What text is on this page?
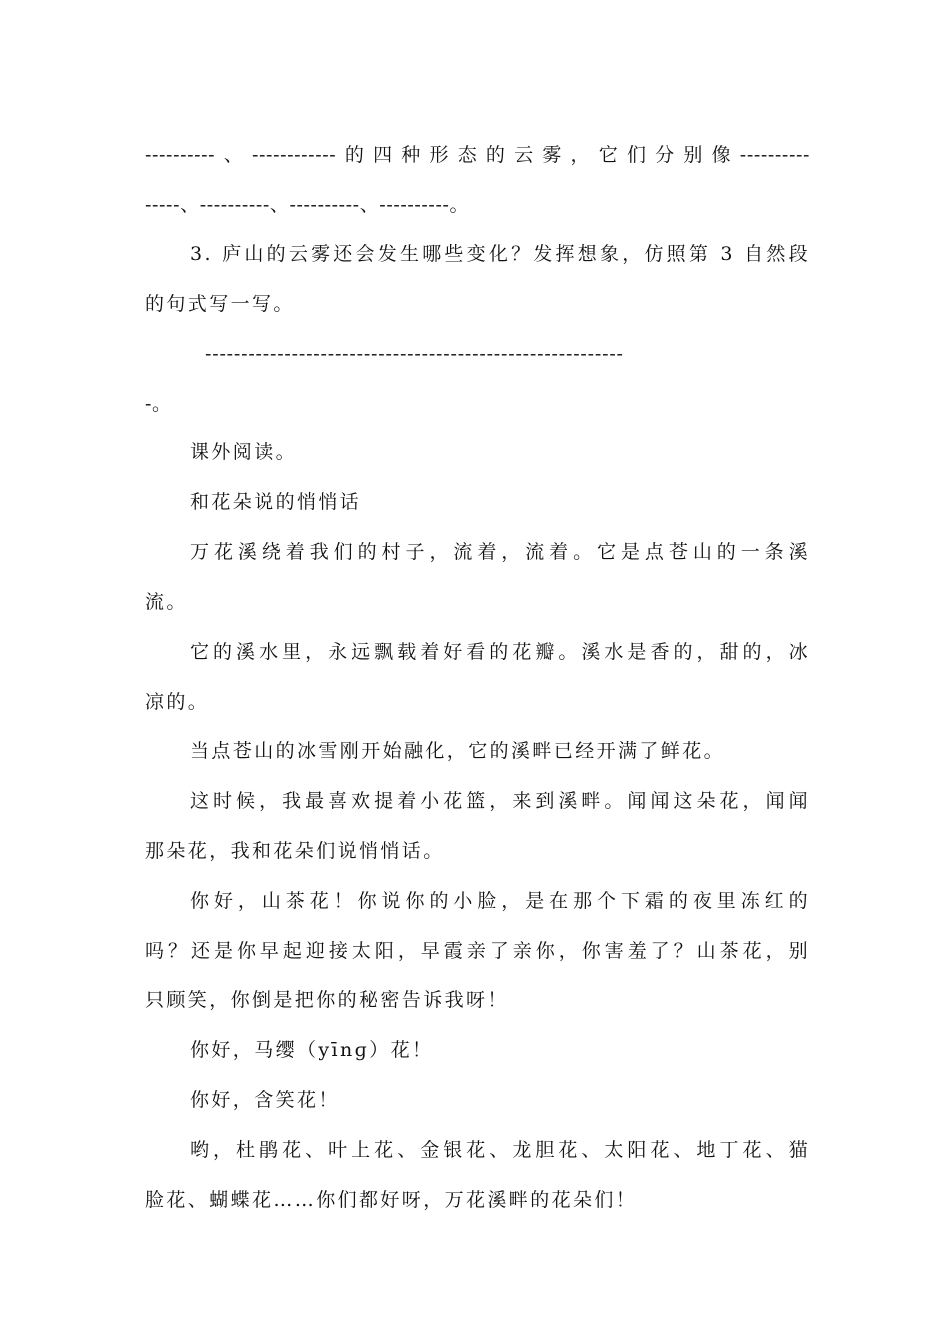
----------、------------的四种形态的云雾，它们分别像----------
-----、----------、----------、----------。
3. 庐山的云雾还会发生哪些变化？发挥想象，仿照第 3 自然段
的句式写一写。
----------------------------------------------------------
-。
课外阅读。
和花朵说的悄悄话
万花溪绕着我们的村子，流着，流着。它是点苍山的一条溪
流。
它的溪水里，永远飘载着好看的花瓣。溪水是香的，甜的，冰
凉的。
当点苍山的冰雪刚开始融化，它的溪畔已经开满了鲜花。
这时候，我最喜欢提着小花篮，来到溪畔。闻闻这朵花，闻闻
那朵花，我和花朵们说悄悄话。
你好，山茶花！你说你的小脸，是在那个下霜的夜里冻红的
吗？还是你早起迎接太阳，早霞亲了亲你，你害羞了？山茶花，别
只顾笑，你倒是把你的秘密告诉我呀！
你好，马缨（yīnɡ）花！
你好，含笑花！
哟，杜鹃花、叶上花、金银花、龙胆花、太阳花、地丁花、猫
脸花、蝴蝶花……你们都好呀，万花溪畔的花朵们！
